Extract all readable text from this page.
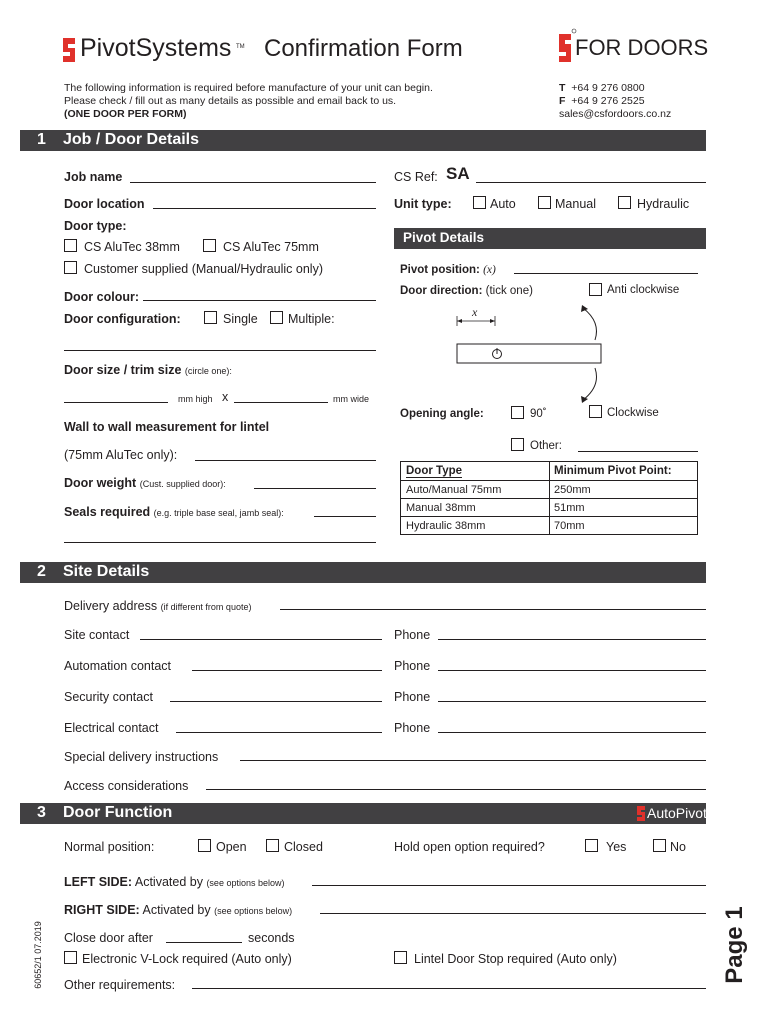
PivotSystems TM Confirmation Form	FOR DOORS
The following information is required before manufacture of your unit can begin.
Please check / fill out as many details as possible and email back to us.
(ONE DOOR PER FORM)
T +64 9 276 0800
F +64 9 276 2525
sales@csfordoors.co.nz
1 Job / Door Details
Job name	CS Ref: SA
Door location	Unit type:	Auto	Manual	Hydraulic
Door type:
CS AluTec 38mm	CS AluTec 75mm
Customer supplied (Manual/Hydraulic only)
Door colour:
Door configuration:	Single Multiple:
Door size / trim size (circle one):
mm high x	mm wide
Wall to wall measurement for lintel
(75mm AluTec only):
Door weight (Cust. supplied door):
Seals required (e.g. triple base seal, jamb seal):
Pivot Details
Pivot position: (x)
Door direction: (tick one)	Anti clockwise
x
Opening angle:	90˚	Clockwise
Other:
Door Type	Minimum Pivot Point:
Auto/Manual 75mm	250mm
Manual 38mm	51mm
Hydraulic 38mm	70mm
2 Site Details
Delivery address (if different from quote)
Site contact	Phone
Automation contact	Phone
Security contact	Phone
Electrical contact	Phone
Special delivery instructions
Access considerations
3 Door Function	AutoPivot
Normal position:	Open	Closed	Hold open option required?	Yes	No
LEFT SIDE: Activated by (see options below)
RIGHT SIDE: Activated by (see options below)
Close door after	seconds
Electronic V-Lock required (Auto only)	Lintel Door Stop required (Auto only)
Other requirements:
60652/1 07.2019	Page 1
